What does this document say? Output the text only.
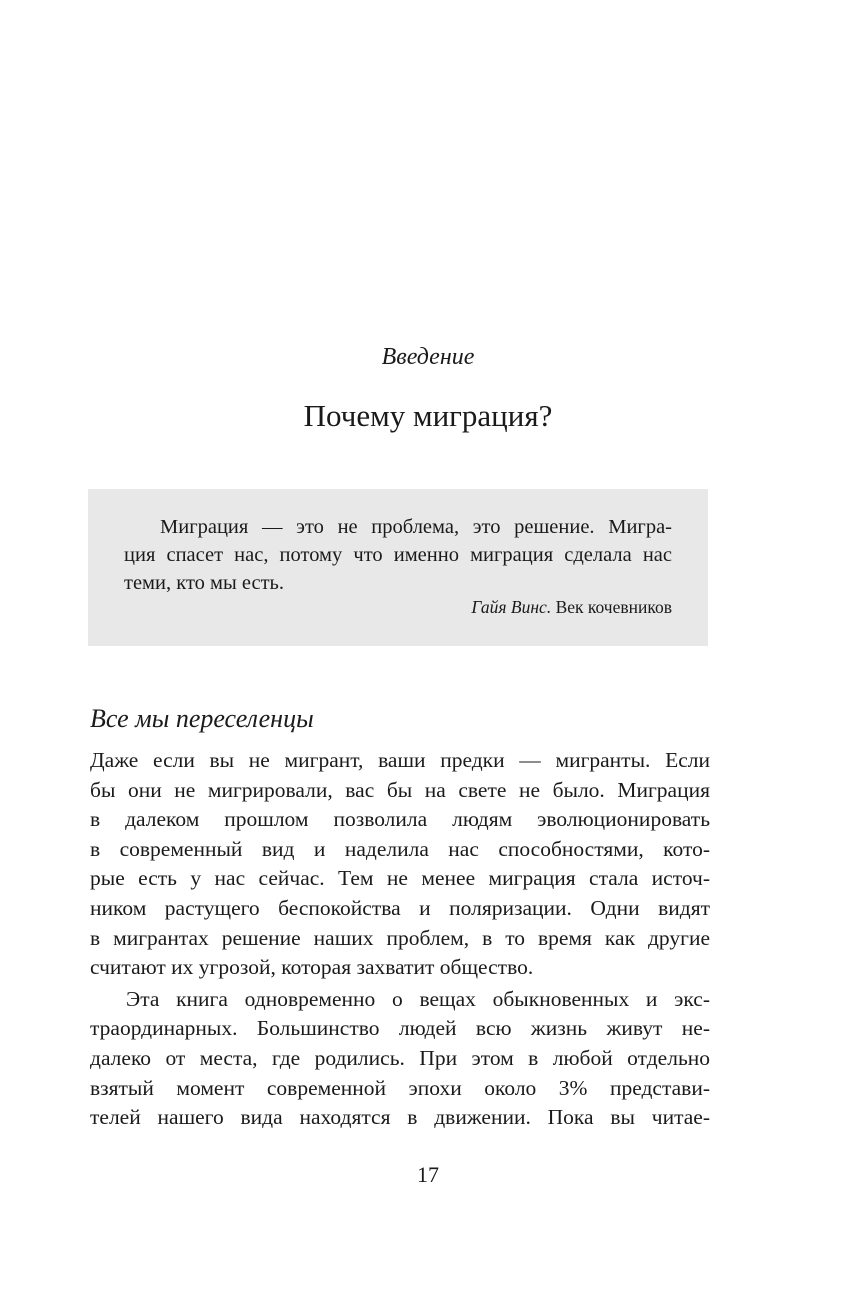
Введение
Почему миграция?
Миграция — это не проблема, это решение. Мигра-
ция спасет нас, потому что именно миграция сделала нас
теми, кто мы есть.
Гайя Винс. Век кочевников
Все мы переселенцы

Даже если вы не мигрант, ваши предки — мигранты. Если
бы они не мигрировали, вас бы на свете не было. Миграция
в далеком прошлом позволила людям эволюционировать
в современный вид и наделила нас способностями, кото-
рые есть у нас сейчас. Тем не менее миграция стала источ-
ником растущего беспокойства и поляризации. Одни видят
в мигрантах решение наших проблем, в то время как другие
считают их угрозой, которая захватит общество.

Эта книга одновременно о вещах обыкновенных и экс-
траординарных. Большинство людей всю жизнь живут не-
далеко от места, где родились. При этом в любой отдельно
взятый момент современной эпохи около 3% представи-
телей нашего вида находятся в движении. Пока вы читае-

17
